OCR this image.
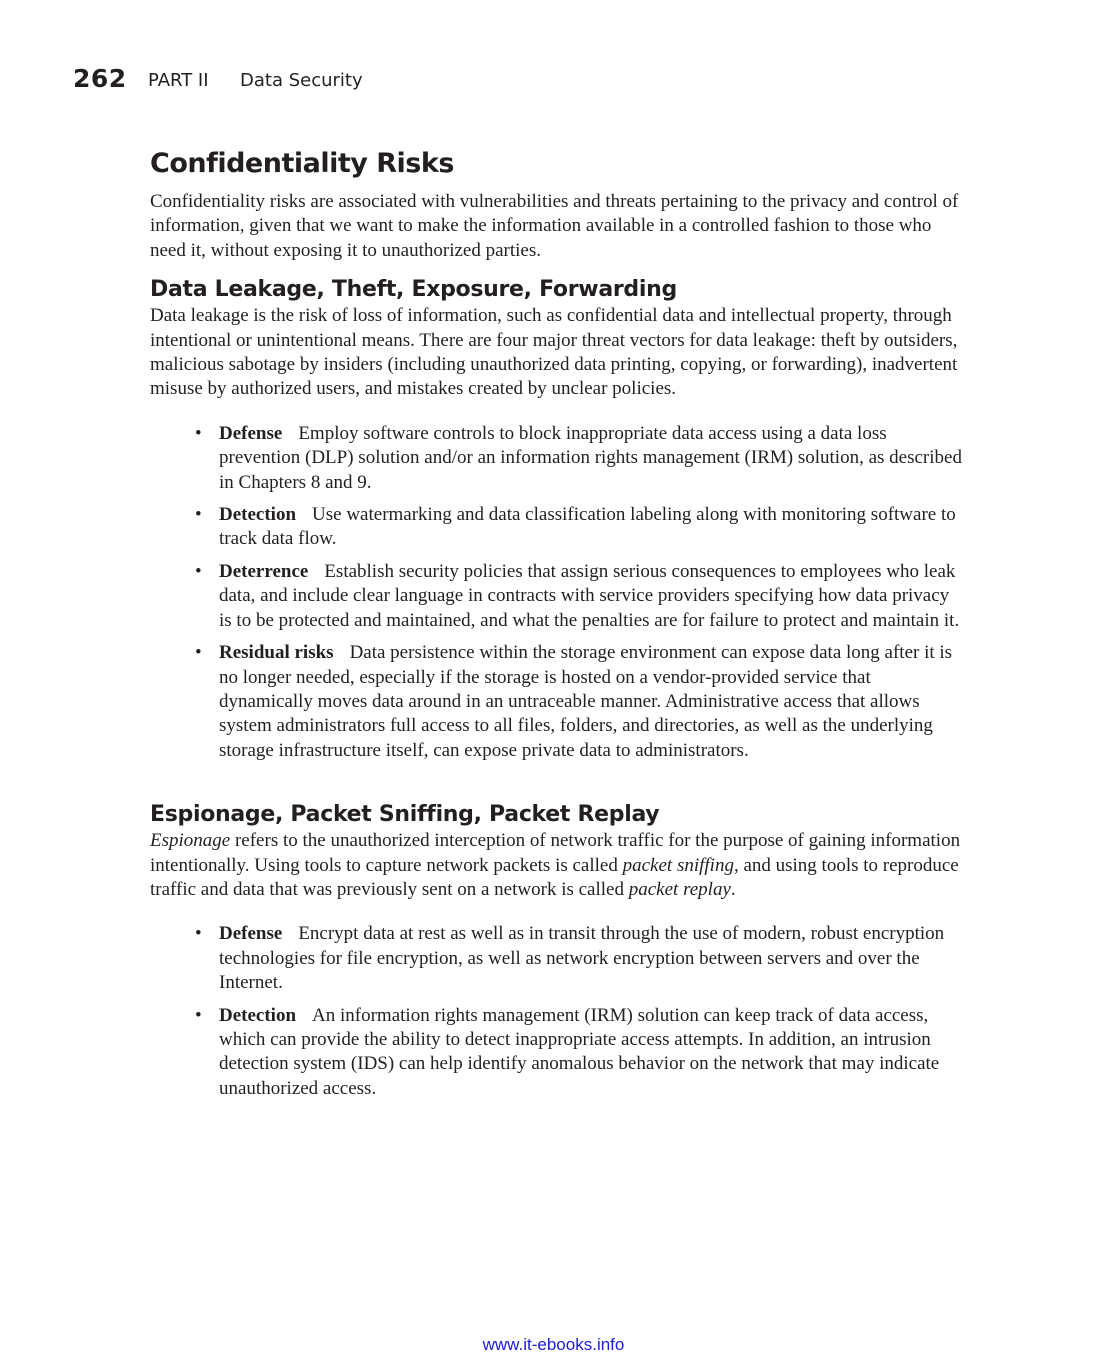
262 PART II Data Security
Confidentiality Risks

Confidentiality risks are associated with vulnerabilities and threats pertaining to the privacy and control of information, given that we want to make the information available in a controlled fashion to those who need it, without exposing it to unauthorized parties.

Data Leakage, Theft, Exposure, Forwarding

Data leakage is the risk of loss of information, such as confidential data and intellectual property, through intentional or unintentional means. There are four major threat vectors for data leakage: theft by outsiders, malicious sabotage by insiders (including unauthorized data printing, copying, or forwarding), inadvertent misuse by authorized users, and mistakes created by unclear policies.

• Defense Employ software controls to block inappropriate data access using a data loss prevention (DLP) solution and/or an information rights management (IRM) solution, as described in Chapters 8 and 9.
• Detection Use watermarking and data classification labeling along with monitoring software to track data flow.
• Deterrence Establish security policies that assign serious consequences to employees who leak data, and include clear language in contracts with service providers specifying how data privacy is to be protected and maintained, and what the penalties are for failure to protect and maintain it.
• Residual risks Data persistence within the storage environment can expose data long after it is no longer needed, especially if the storage is hosted on a vendor-provided service that dynamically moves data around in an untraceable manner. Administrative access that allows system administrators full access to all files, folders, and directories, as well as the underlying storage infrastructure itself, can expose private data to administrators.
Espionage, Packet Sniffing, Packet Replay

Espionage refers to the unauthorized interception of network traffic for the purpose of gaining information intentionally. Using tools to capture network packets is called packet sniffing, and using tools to reproduce traffic and data that was previously sent on a network is called packet replay.

• Defense Encrypt data at rest as well as in transit through the use of modern, robust encryption technologies for file encryption, as well as network encryption between servers and over the Internet.
• Detection An information rights management (IRM) solution can keep track of data access, which can provide the ability to detect inappropriate access attempts. In addition, an intrusion detection system (IDS) can help identify anomalous behavior on the network that may indicate unauthorized access.
www.it-ebooks.info
